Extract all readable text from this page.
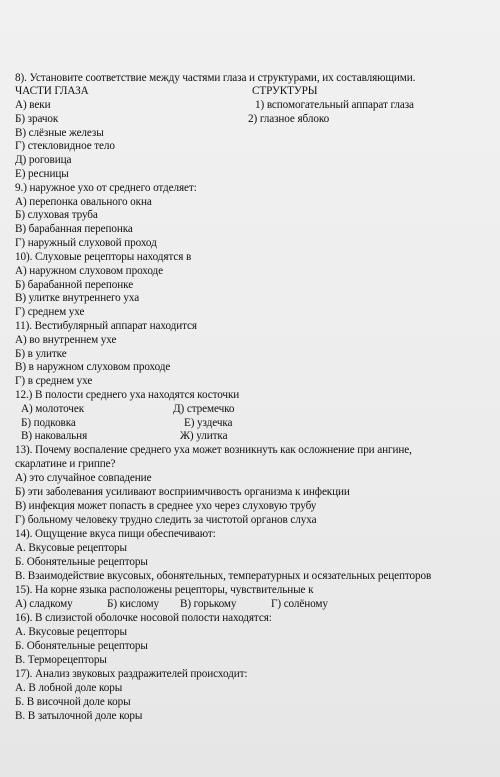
8). Установите соответствие между частями глаза и структурами, их составляющими.
ЧАСТИ ГЛАЗА	СТРУКТУРЫ
А) веки	1) вспомогательный аппарат глаза
Б) зрачок	2) глазное яблоко
В) слёзные железы
Г) стекловидное тело
Д) роговица
Е) ресницы
9.) наружное ухо от среднего отделяет:
А) перепонка овального окна
Б) слуховая труба
В) барабанная перепонка
Г) наружный слуховой проход
10). Слуховые рецепторы находятся в
А) наружном слуховом проходе
Б) барабанной перепонке
В) улитке внутреннего уха
Г) среднем ухе
11). Вестибулярный аппарат находится
А) во внутреннем ухе
Б) в улитке
В) в наружном слуховом проходе
Г) в среднем ухе
12.) В полости среднего уха находятся косточки
А) молоточек	Д) стремечко
Б) подковка	Е) уздечка
В) наковальня	Ж) улитка
13). Почему воспаление среднего уха может возникнуть как осложнение при ангине,
скарлатине и гриппе?
А) это случайное совпадение
Б) эти заболевания усиливают восприимчивость организма к инфекции
В) инфекция может попасть в среднее ухо через слуховую трубу
Г) больному человеку трудно следить за чистотой органов слуха
14). Ощущение вкуса пищи обеспечивают:
А. Вкусовые рецепторы
Б. Обонятельные рецепторы
В. Взаимодействие вкусовых, обонятельных, температурных и осязательных рецепторов
15). На корне языка расположены рецепторы, чувствительные к
А) сладкому	Б) кислому В) горькому	Г) солёному
16). В слизистой оболочке носовой полости находятся:
А. Вкусовые рецепторы
Б. Обонятельные рецепторы
В. Терморецепторы
17). Анализ звуковых раздражителей происходит:
А. В лобной доле коры
Б. В височной доле коры
В. В затылочной доле коры
